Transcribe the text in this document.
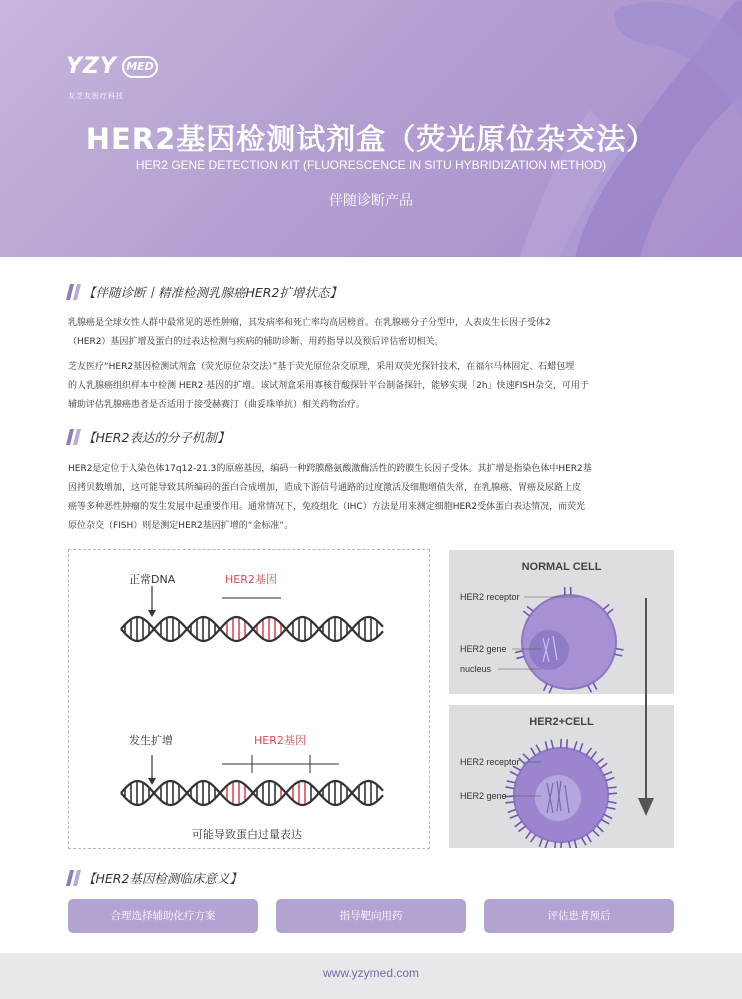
YZY MED
友芝友医疗科技
HER2基因检测试剂盒（荧光原位杂交法）
HER2 GENE DETECTION KIT (FLUORESCENCE IN SITU HYBRIDIZATION METHOD)
伴随诊断产品
【伴随诊断丨精准检测乳腺癌HER2扩增状态】
乳腺癌是全球女性人群中最常见的恶性肿瘤，其发病率和死亡率均高居榜首。在乳腺癌分子分型中，人表皮生长因子受体2
（HER2）基因扩增及蛋白的过表达检测与疾病的辅助诊断、用药指导以及预后评估密切相关。
芝友医疗“HER2基因检测试剂盒（荧光原位杂交法）”基于荧光原位杂交原理，采用双荧光探针技术，在福尔马林固定、石蜡包埋
的人乳腺癌组织样本中检测 HER2 基因的扩增。该试剂盒采用寡核苷酸探针平台制备探针，能够实现「2h」快速FISH杂交，可用于
辅助评估乳腺癌患者是否适用于接受赫赛汀（曲妥珠单抗）相关药物治疗。
【HER2表达的分子机制】
HER2是定位于人染色体17q12-21.3的原癌基因，编码一种跨膜酪氨酸激酶活性的跨膜生长因子受体。其扩增是指染色体中HER2基
因拷贝数增加，这可能导致其所编码的蛋白合成增加，造成下游信号通路的过度激活及细胞增值失常，在乳腺癌、胃癌及尿路上皮
癌等多种恶性肿瘤的发生发展中起重要作用。通常情况下，免疫组化（IHC）方法是用来测定细胞HER2受体蛋白表达情况，而荧光
原位杂交（FISH）则是测定HER2基因扩增的“金标准”。
正常DNA	HER2基因
发生扩增	HER2基因
可能导致蛋白过量表达
NORMAL CELL
HER2 receptor
HER2 gene
nucleus
HER2+CELL
HER2 receptor
HER2 gene
【HER2基因检测临床意义】
合理选择辅助化疗方案	指导靶向用药	评估患者预后
www.yzymed.com
